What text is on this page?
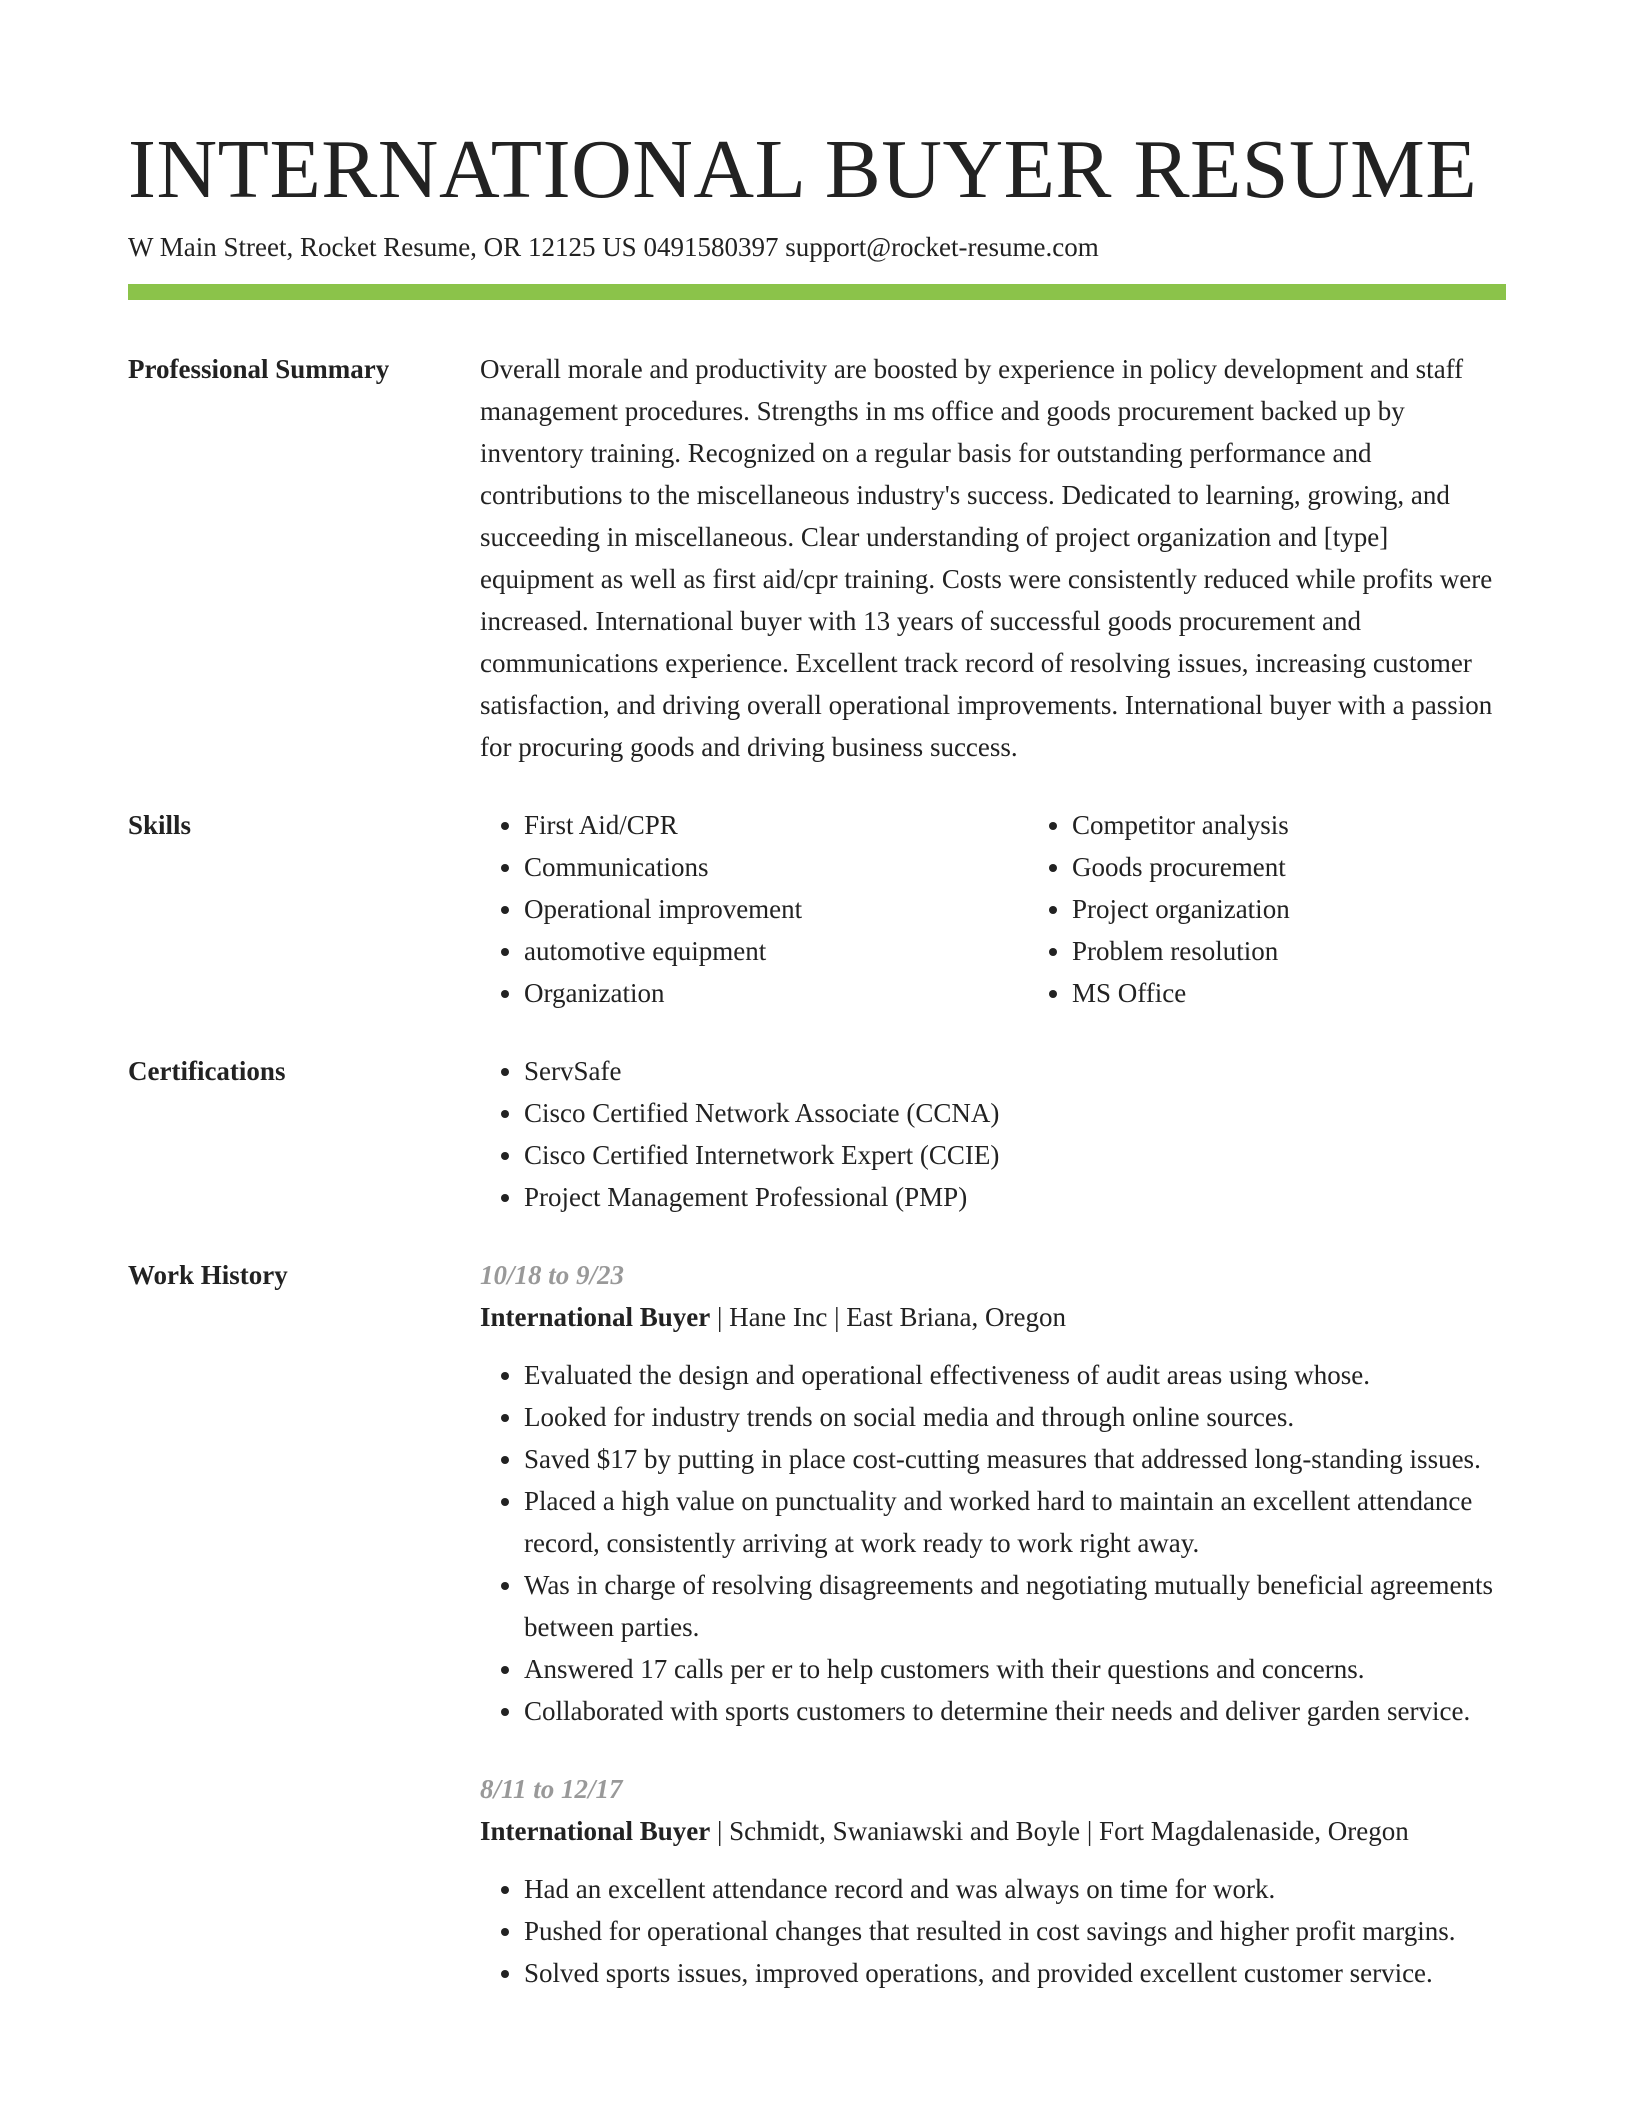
INTERNATIONAL BUYER RESUME
W Main Street, Rocket Resume, OR 12125 US 0491580397 support@rocket-resume.com
Professional Summary	Overall morale and productivity are boosted by experience in policy development and staff management procedures. Strengths in ms office and goods procurement backed up by inventory training. Recognized on a regular basis for outstanding performance and contributions to the miscellaneous industry's success. Dedicated to learning, growing, and succeeding in miscellaneous. Clear understanding of project organization and [type] equipment as well as first aid/cpr training. Costs were consistently reduced while profits were increased. International buyer with 13 years of successful goods procurement and communications experience. Excellent track record of resolving issues, increasing customer satisfaction, and driving overall operational improvements. International buyer with a passion for procuring goods and driving business success.

Skills	• First Aid/CPR
• Communications
• Operational improvement
• automotive equipment
• Organization
• Competitor analysis
• Goods procurement
• Project organization
• Problem resolution
• MS Office
Certifications	• ServSafe
• Cisco Certified Network Associate (CCNA)
• Cisco Certified Internetwork Expert (CCIE)
• Project Management Professional (PMP)
Work History	10/18 to 9/23
International Buyer | Hane Inc | East Briana, Oregon
• Evaluated the design and operational effectiveness of audit areas using whose.
• Looked for industry trends on social media and through online sources.
• Saved $17 by putting in place cost-cutting measures that addressed long-standing issues.
• Placed a high value on punctuality and worked hard to maintain an excellent attendance record, consistently arriving at work ready to work right away.
• Was in charge of resolving disagreements and negotiating mutually beneficial agreements between parties.
• Answered 17 calls per er to help customers with their questions and concerns.
• Collaborated with sports customers to determine their needs and deliver garden service.
8/11 to 12/17
International Buyer | Schmidt, Swaniawski and Boyle | Fort Magdalenaside, Oregon
• Had an excellent attendance record and was always on time for work.
• Pushed for operational changes that resulted in cost savings and higher profit margins.
• Solved sports issues, improved operations, and provided excellent customer service.
